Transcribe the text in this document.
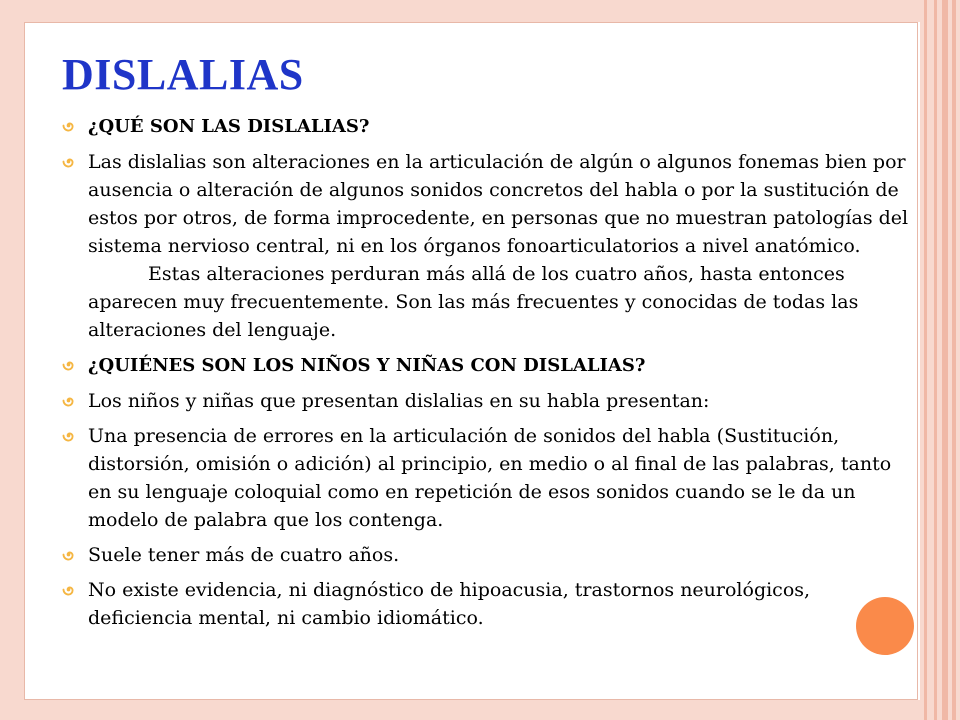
DISLALIAS
¿QUÉ SON LAS DISLALIAS?
Las dislalias son alteraciones en la articulación de algún o algunos fonemas bien por ausencia o alteración de algunos sonidos concretos del habla o por la sustitución de estos por otros, de forma improcedente, en personas que no muestran patologías del sistema nervioso central, ni en los órganos fonoarticulatorios a nivel anatómico.
Estas alteraciones perduran más allá de los cuatro años, hasta entonces aparecen muy frecuentemente. Son las más frecuentes y conocidas de todas las alteraciones del lenguaje.
¿QUIÉNES SON LOS NIÑOS Y NIÑAS CON DISLALIAS?
Los niños y niñas que presentan dislalias en su habla presentan:
Una presencia de errores en la articulación de sonidos del habla (Sustitución, distorsión, omisión o adición) al principio, en medio o al final de las palabras, tanto en su lenguaje coloquial como en repetición de esos sonidos cuando se le da un modelo de palabra que los contenga.
Suele tener más de cuatro años.
No existe evidencia, ni diagnóstico de hipoacusia, trastornos neurológicos, deficiencia mental, ni cambio idiomático.
